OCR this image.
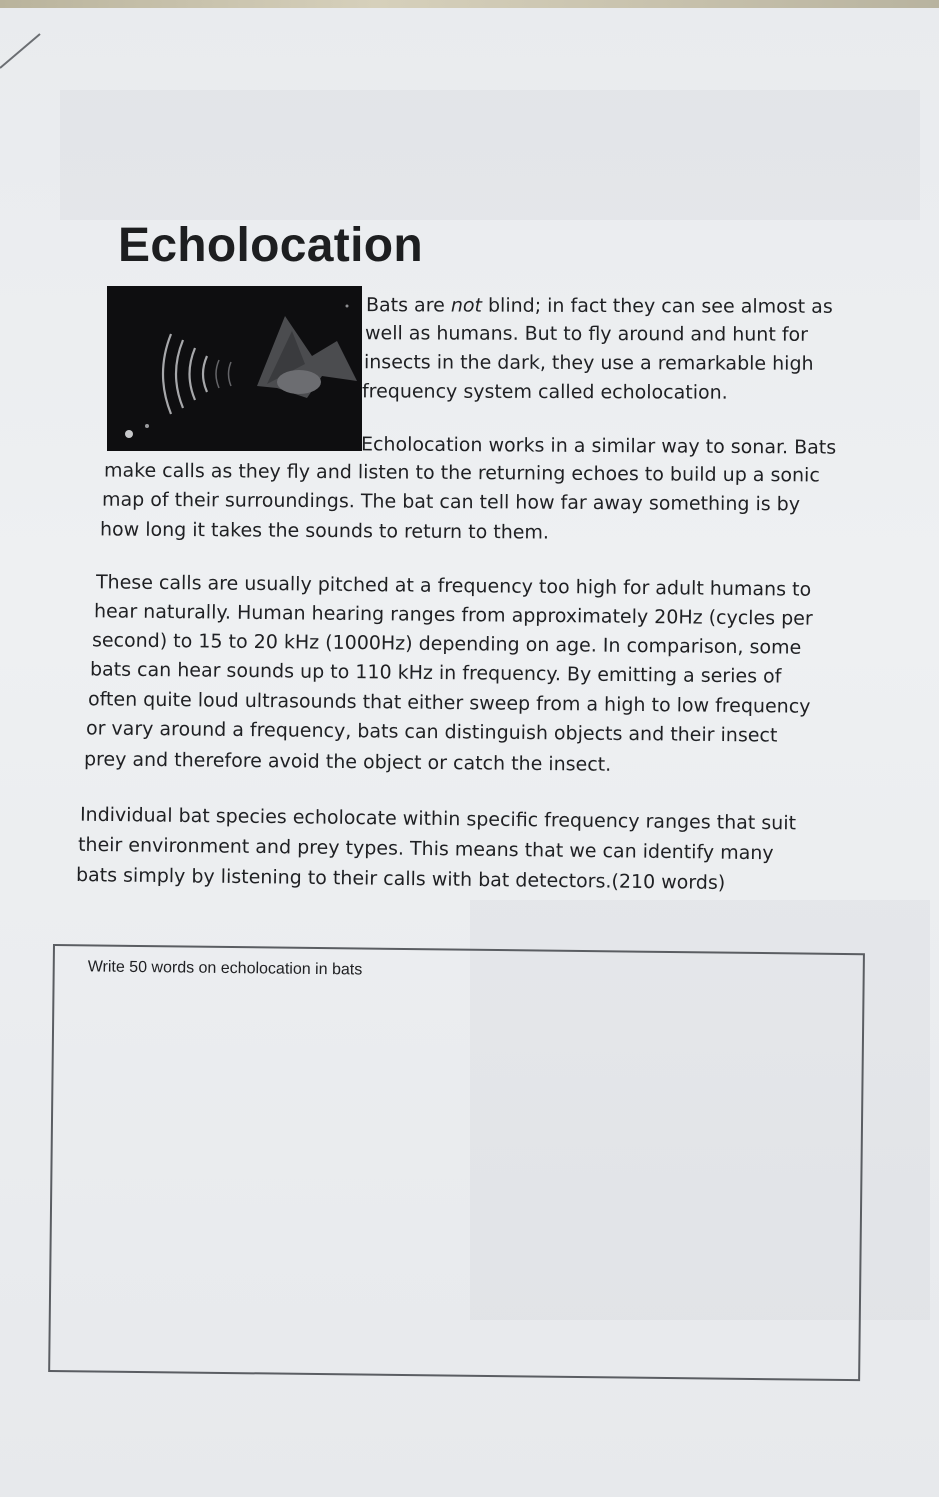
Echolocation

Bats are not blind; in fact they can see almost as

well as humans. But to fly around and hunt for

insects in the dark, they use a remarkable high

frequency system called echolocation.

Echolocation works in a similar way to sonar. Bats

make calls as they fly and listen to the returning echoes to build up a sonic

map of their surroundings. The bat can tell how far away something is by

how long it takes the sounds to return to them.

These calls are usually pitched at a frequency too high for adult humans to

hear naturally. Human hearing ranges from approximately 20Hz (cycles per

second) to 15 to 20 kHz (1000Hz) depending on age. In comparison, some

bats can hear sounds up to 110 kHz in frequency. By emitting a series of

often quite loud ultrasounds that either sweep from a high to low frequency

or vary around a frequency, bats can distinguish objects and their insect

prey and therefore avoid the object or catch the insect.

Individual bat species echolocate within specific frequency ranges that suit

their environment and prey types. This means that we can identify many

bats simply by listening to their calls with bat detectors.(210 words)

Write 50 words on echolocation in bats
